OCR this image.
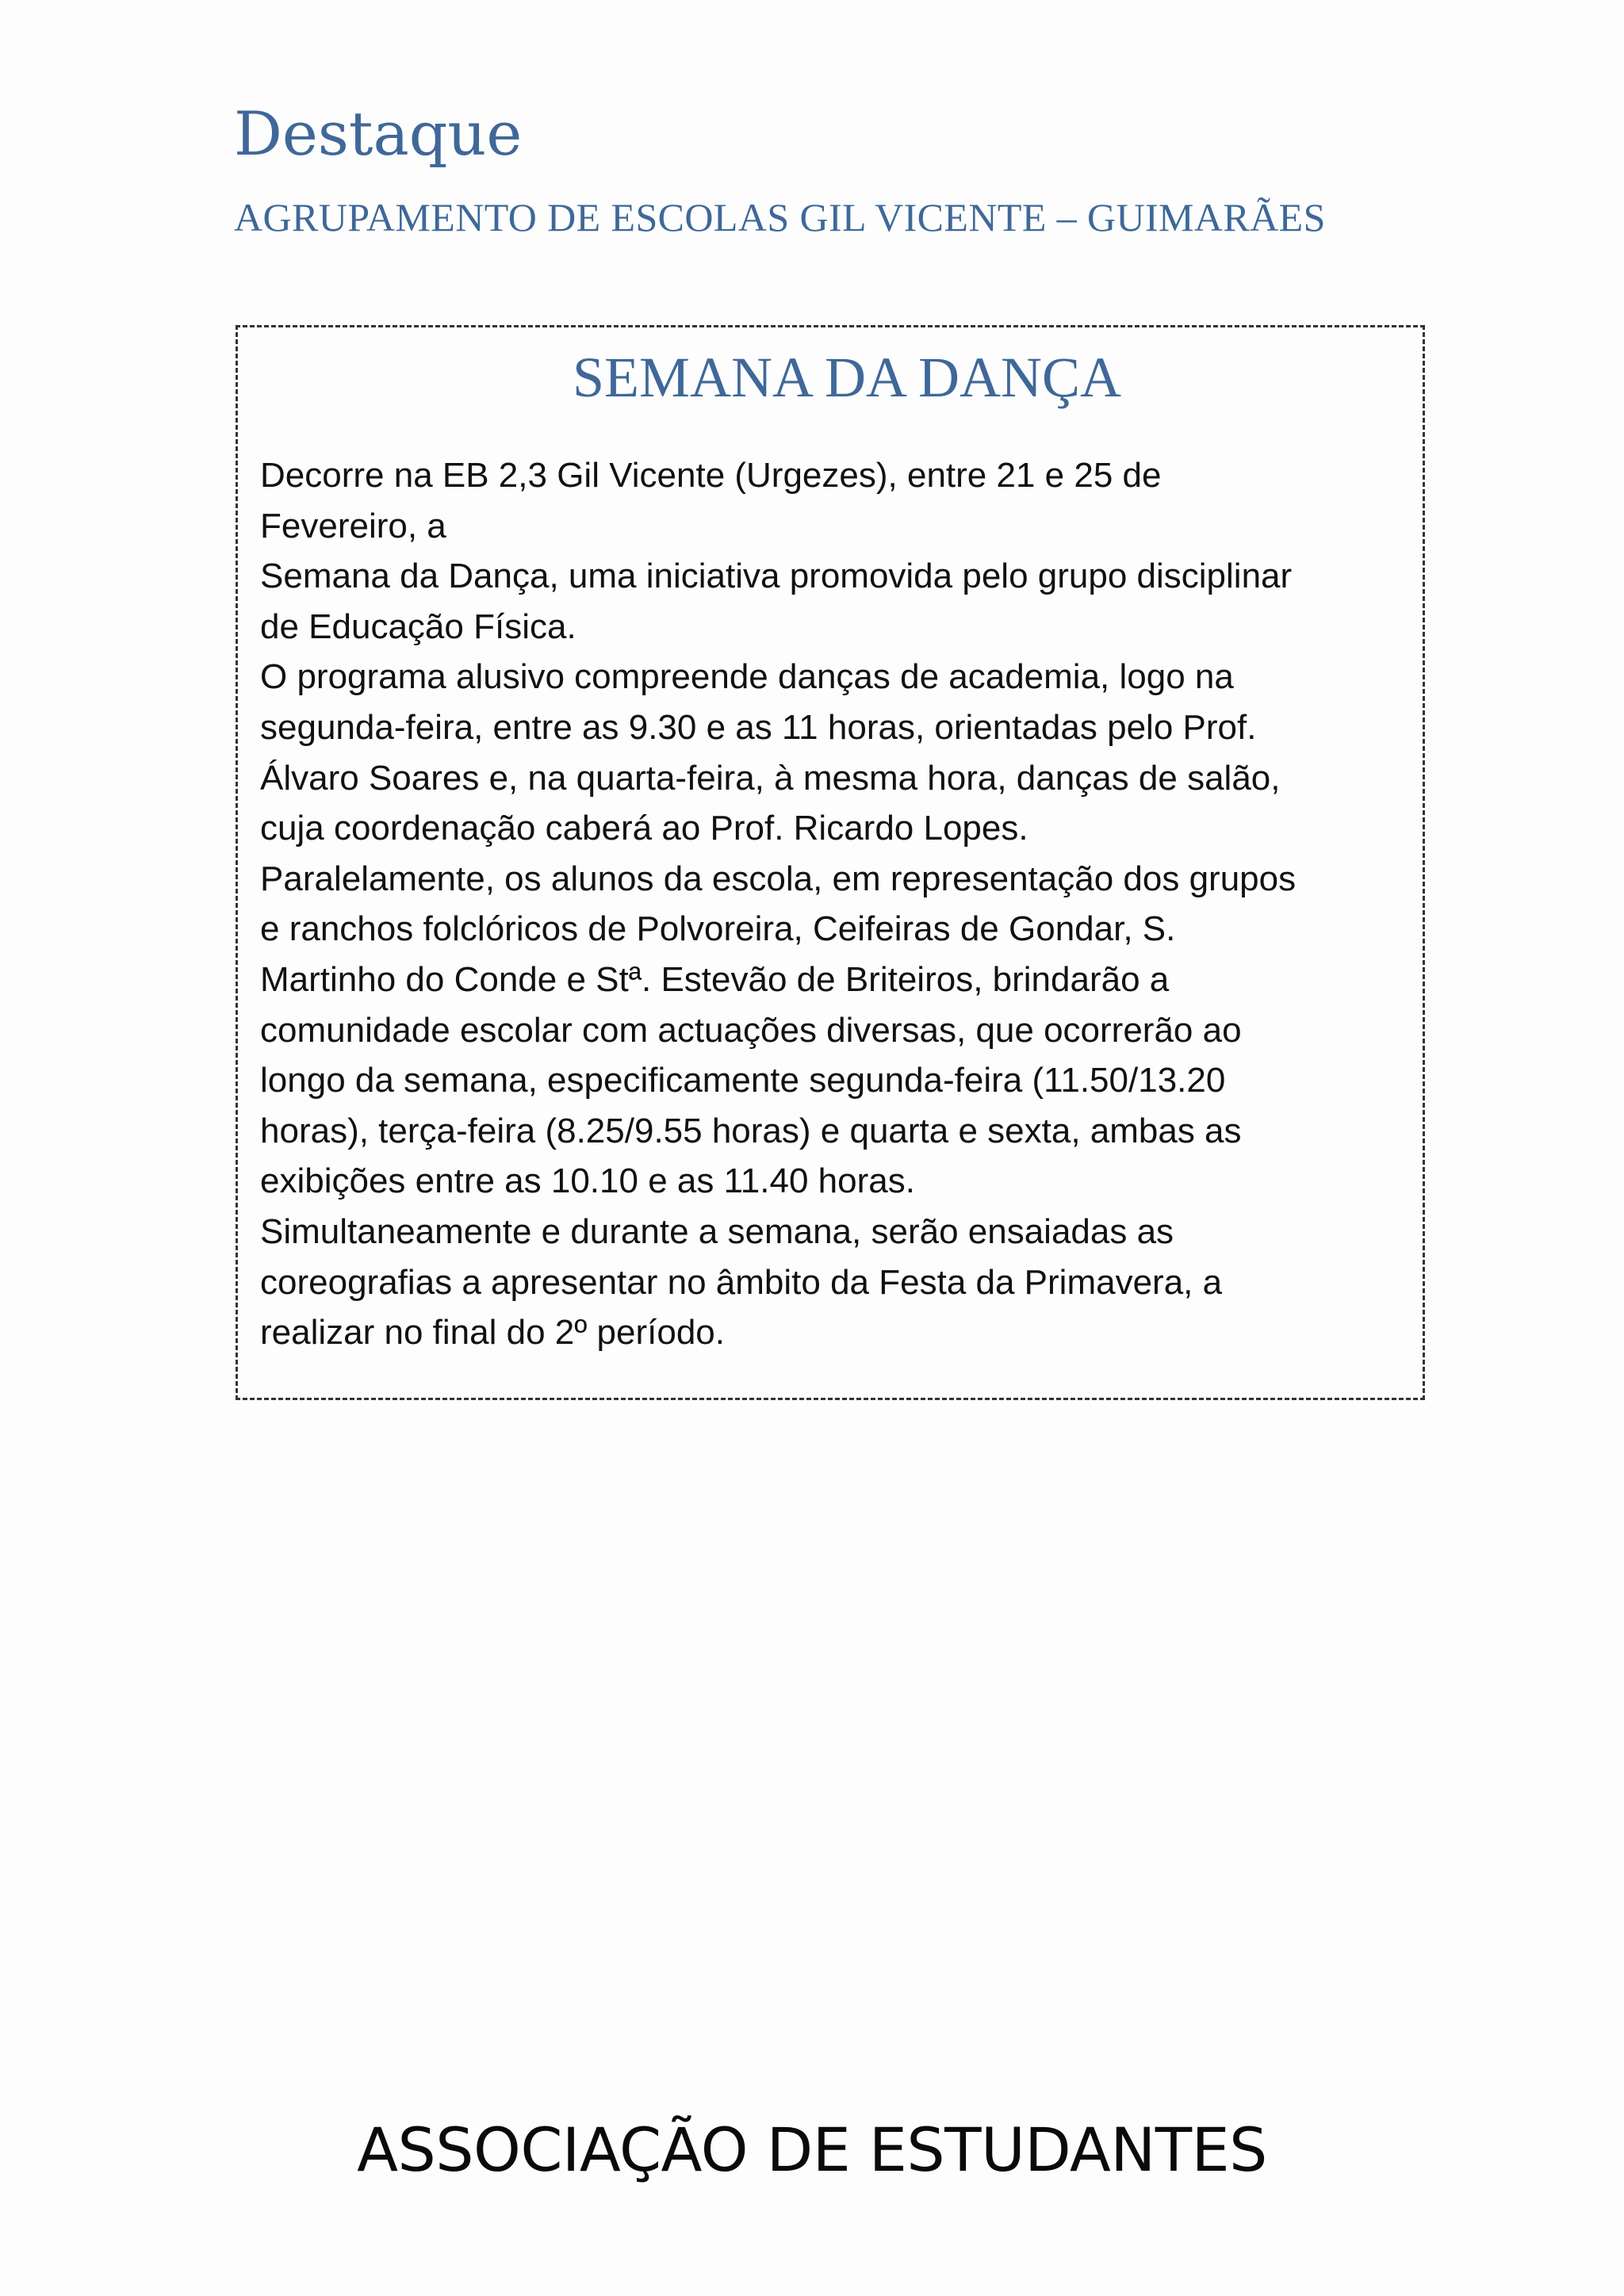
Destaque
AGRUPAMENTO DE ESCOLAS GIL VICENTE – GUIMARÃES
SEMANA DA DANÇA
Decorre na EB 2,3 Gil Vicente (Urgezes), entre 21 e 25 de
Fevereiro, a
Semana da Dança, uma iniciativa promovida pelo grupo disciplinar
de Educação Física.
O programa alusivo compreende danças de academia, logo na
segunda-feira, entre as 9.30 e as 11 horas, orientadas pelo Prof.
Álvaro Soares e, na quarta-feira, à mesma hora, danças de salão,
cuja coordenação caberá ao Prof. Ricardo Lopes.
Paralelamente, os alunos da escola, em representação dos grupos
e ranchos folclóricos de Polvoreira, Ceifeiras de Gondar, S.
Martinho do Conde e Stª. Estevão de Briteiros, brindarão a
comunidade escolar com actuações diversas, que ocorrerão ao
longo da semana, especificamente segunda-feira (11.50/13.20
horas), terça-feira (8.25/9.55 horas) e quarta e sexta, ambas as
exibições entre as 10.10 e as 11.40 horas.
Simultaneamente e durante a semana, serão ensaiadas as
coreografias a apresentar no âmbito da Festa da Primavera, a
realizar no final do 2º período.

ASSOCIAÇÃO DE ESTUDANTES
